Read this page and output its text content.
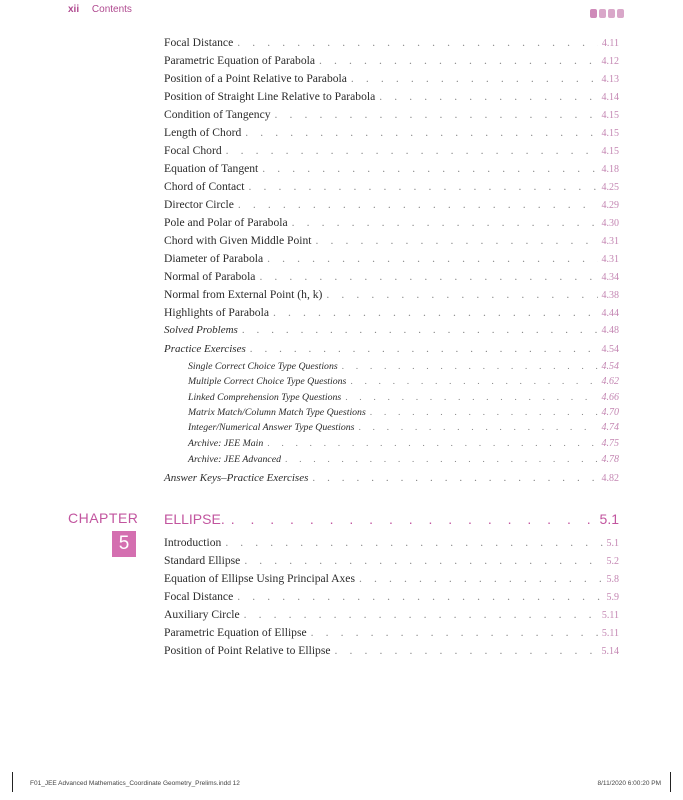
xii Contents
Focal Distance . . .	4.11
Parametric Equation of Parabola . . .	4.12
Position of a Point Relative to Parabola . . .	4.13
Position of Straight Line Relative to Parabola . . .	4.14
Condition of Tangency . . .	4.15
Length of Chord . . .	4.15
Focal Chord . . .	4.15
Equation of Tangent . . .	4.18
Chord of Contact . . .	4.25
Director Circle . . .	4.29
Pole and Polar of Parabola . . .	4.30
Chord with Given Middle Point . . .	4.31
Diameter of Parabola . . .	4.31
Normal of Parabola . . .	4.34
Normal from External Point (h, k) . . .	4.38
Highlights of Parabola . . .	4.44
Solved Problems . . .	4.48
Practice Exercises . . .	4.54
Single Correct Choice Type Questions . . .	4.54
Multiple Correct Choice Type Questions . . .	4.62
Linked Comprehension Type Questions . . .	4.66
Matrix Match/Column Match Type Questions . . .	4.70
Integer/Numerical Answer Type Questions . . .	4.74
Archive: JEE Main . . .	4.75
Archive: JEE Advanced . . .	4.78
Answer Keys–Practice Exercises . . .	4.82
CHAPTER
5
ELLIPSE. . . .	5.1
Introduction . . .	5.1
Standard Ellipse . . .	5.2
Equation of Ellipse Using Principal Axes . . .	5.8
Focal Distance . . .	5.9
Auxiliary Circle . . .	5.11
Parametric Equation of Ellipse . . .	5.11
Position of Point Relative to Ellipse . . .	5.14
F01_JEE Advanced Mathematics_Coordinate Geometry_Prelims.indd 12	8/11/2020 6:00:20 PM
